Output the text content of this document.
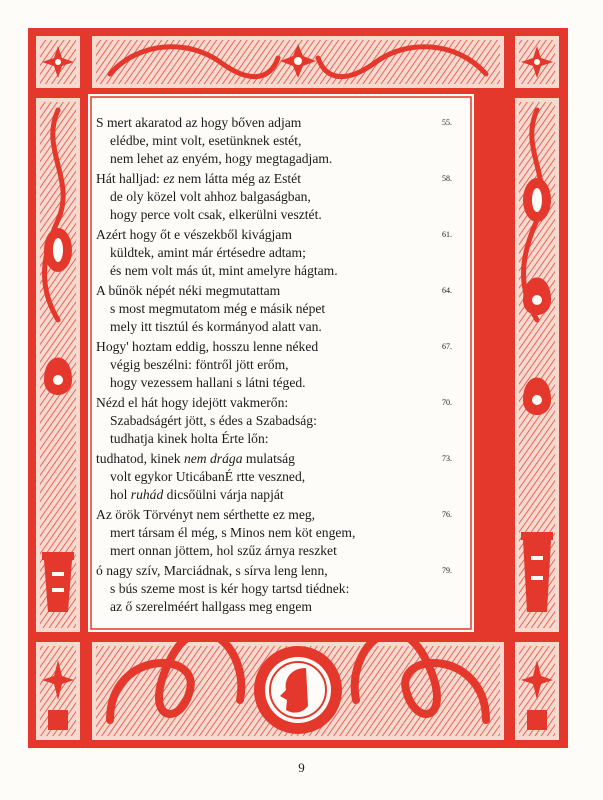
S mert akaratod az hogy bőven adjam
elédbe, mint volt, esetünknek estét,
nem lehet az enyém, hogy megtagadjam.
55.
Hát halljad: ez nem látta még az Estét
de oly közel volt ahhoz balgaságban,
hogy perce volt csak, elkerülni vesztét.
58.
Azért hogy őt e vészekből kivágjam
küldtek, amint már értésedre adtam;
és nem volt más út, mint amelyre hágtam.
61.
A bűnök népét néki megmutattam
s most megmutatom még e másik népet
mely itt tisztúl és kormányod alatt van.
64.
Hogy' hoztam eddig, hosszu lenne néked
végig beszélni: föntről jött erőm,
hogy vezessem hallani s látni téged.
67.
Nézd el hát hogy idejött vakmerőn:
Szabadságért jött, s édes a Szabadság:
tudhatja kinek holta Érte lőn:
70.
tudhatod, kinek nem drága mulatság
volt egykor UticábanÉ rtte veszned,
hol ruhád dicsőülni várja napját
73.
Az örök Törvényt nem sérthette ez meg,
mert társam él még, s Minos nem köt engem,
mert onnan jöttem, hol szűz árnya reszket
76.
ó nagy szív, Marciádnak, s sírva leng lenn,
s bús szeme most is kér hogy tartsd tiédnek:
az ő szerelméért hallgass meg engem
79.
9
